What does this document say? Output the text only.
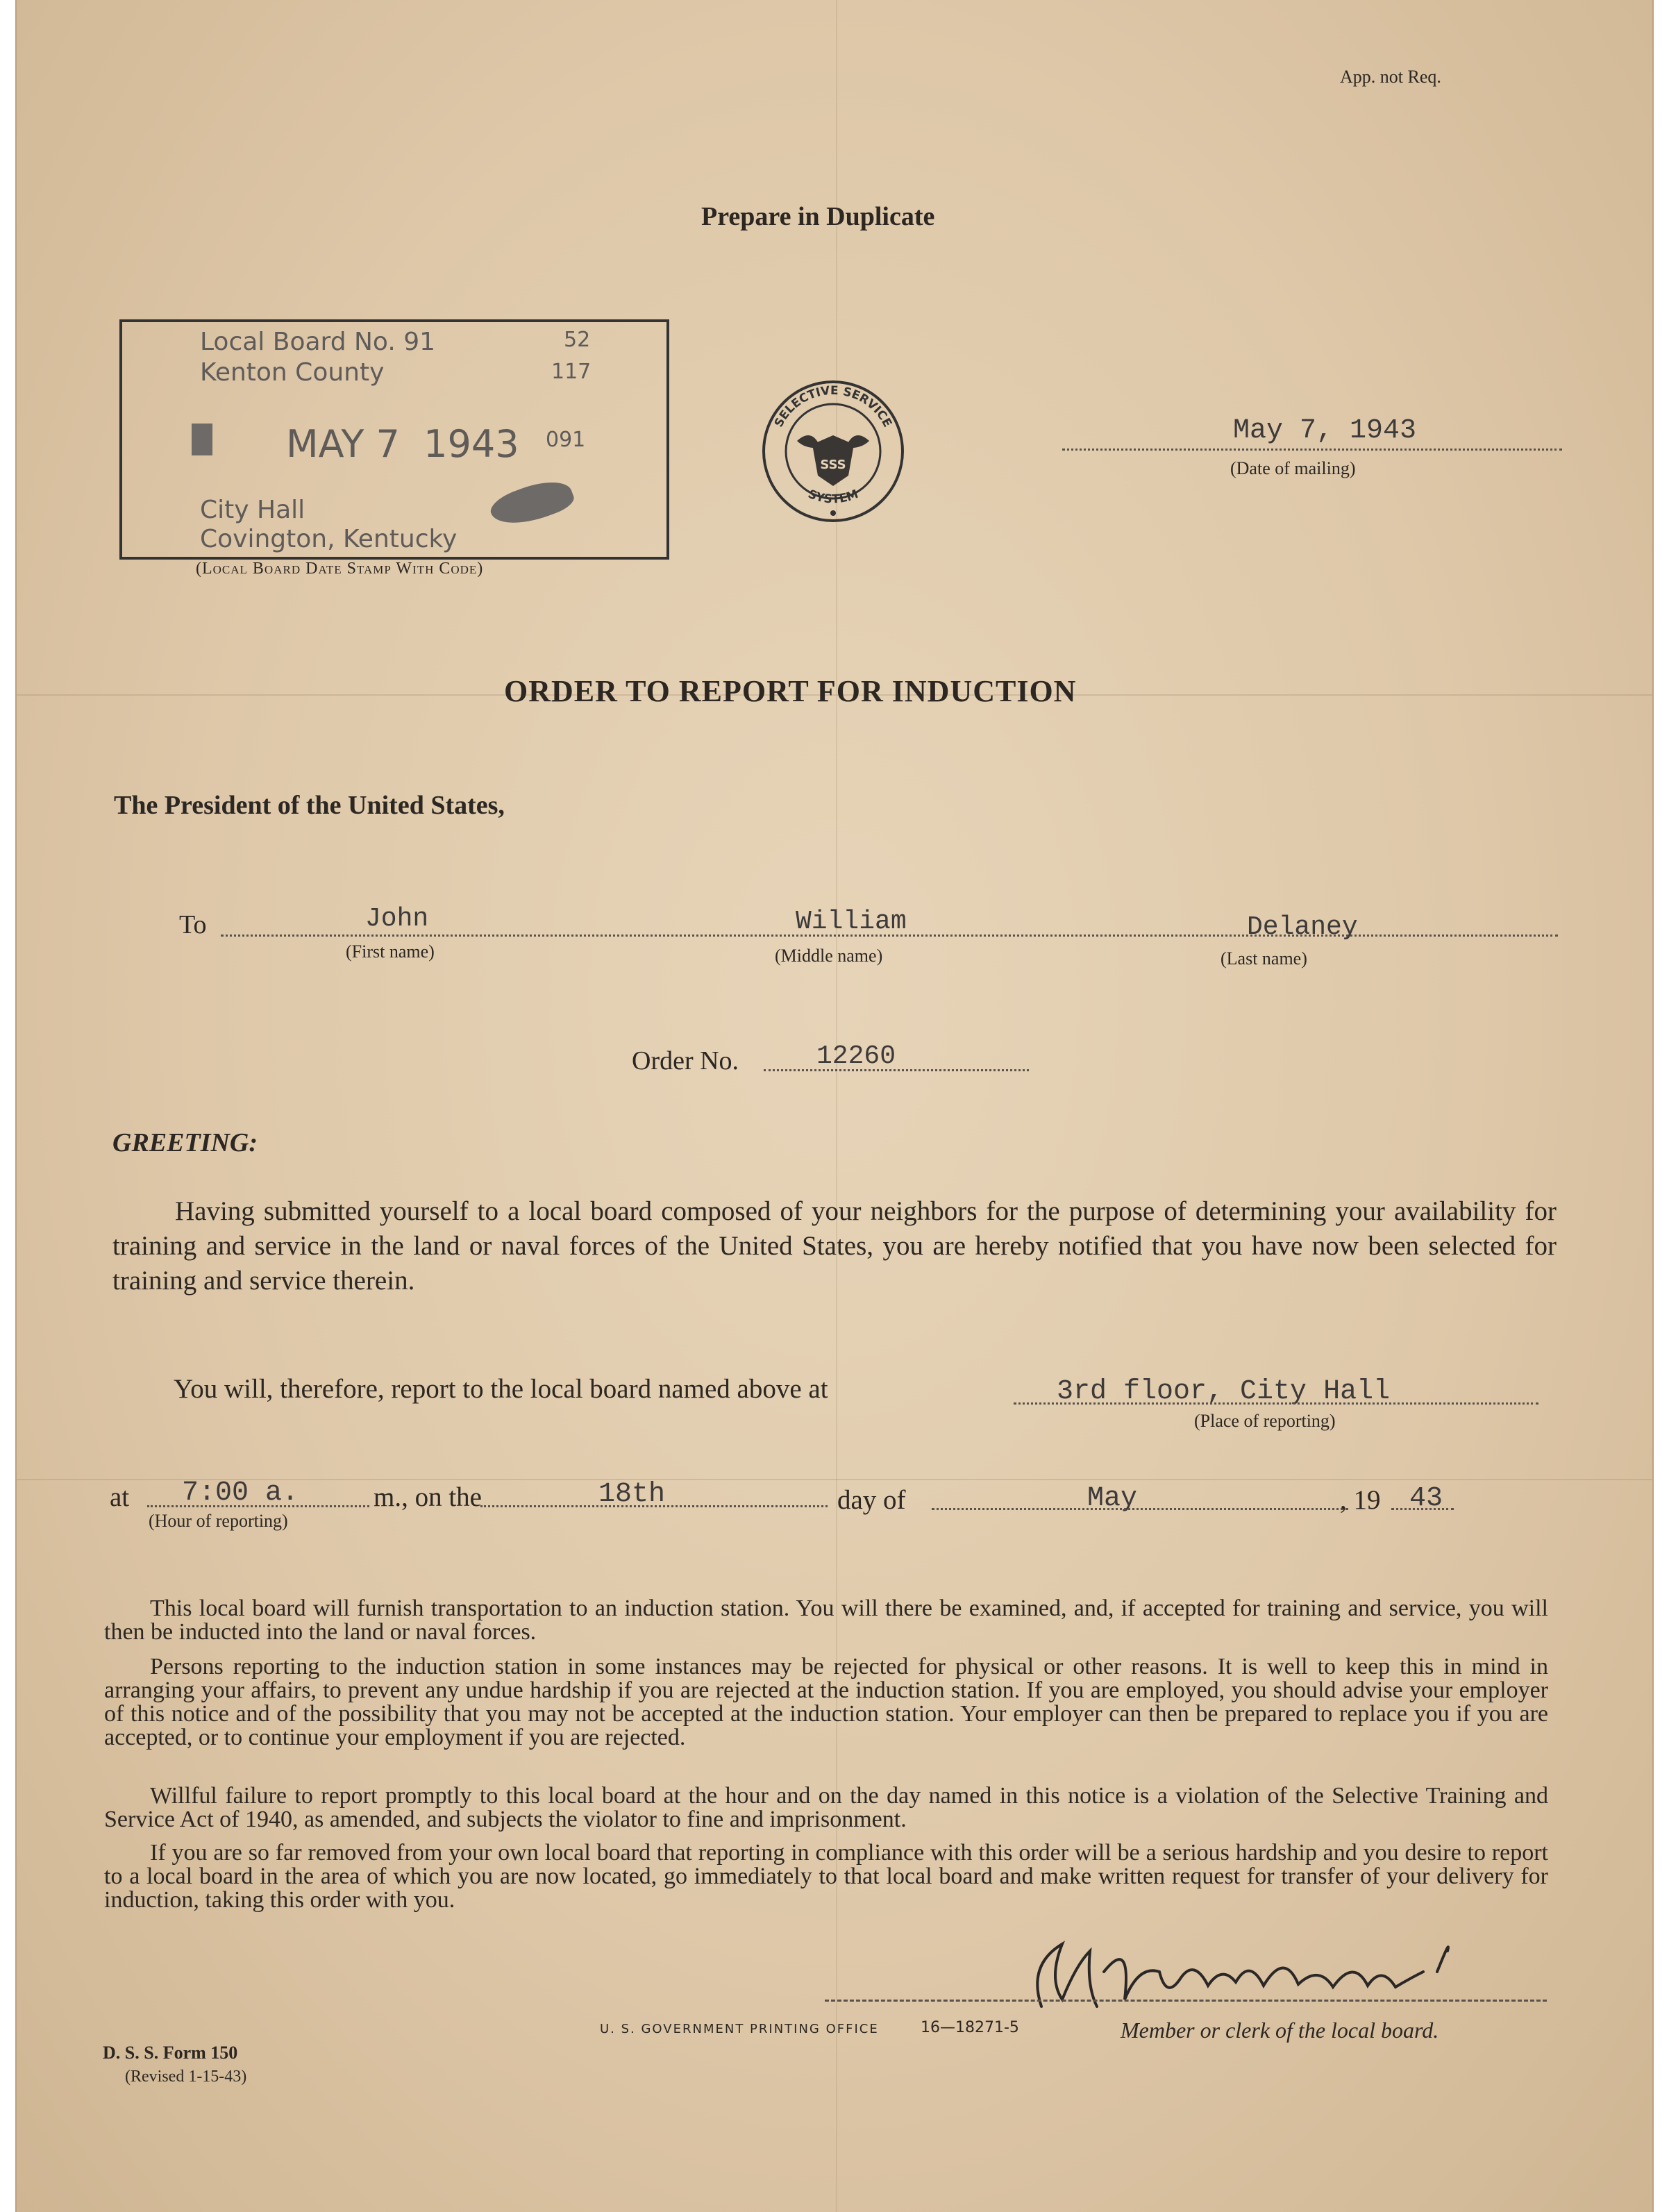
App. not Req.
Prepare in Duplicate
Local Board No. 91	52
Kenton County	117
MAY 7  1943 091
City Hall
Covington, Kentucky
(Local Board Date Stamp With Code)
SELECTIVE SERVICE
SYSTEM
SSS
May 7, 1943
(Date of mailing)
ORDER TO REPORT FOR INDUCTION
The President of the United States,
To	John	William	Delaney
(First name)	(Middle name)	(Last name)
Order No.	12260
GREETING:
Having submitted yourself to a local board composed of your neighbors for the purpose of determining your availability for training and service in the land or naval forces of the United States, you are hereby notified that you have now been selected for training and service therein.
You will, therefore, report to the local board named above at	3rd floor, City Hall
(Place of reporting)
at 7:00 a.	m., on the
(Hour of reporting)
18th	day of	May	, 19 43
This local board will furnish transportation to an induction station. You will there be examined, and, if accepted for training and service, you will then be inducted into the land or naval forces.
Persons reporting to the induction station in some instances may be rejected for physical or other reasons. It is well to keep this in mind in arranging your affairs, to prevent any undue hardship if you are rejected at the induction station. If you are employed, you should advise your employer of this notice and of the possibility that you may not be accepted at the induction station. Your employer can then be prepared to replace you if you are accepted, or to continue your employment if you are rejected.
Willful failure to report promptly to this local board at the hour and on the day named in this notice is a violation of the Selective Training and Service Act of 1940, as amended, and subjects the violator to fine and imprisonment.
If you are so far removed from your own local board that reporting in compliance with this order will be a serious hardship and you desire to report to a local board in the area of which you are now located, go immediately to that local board and make written request for transfer of your delivery for induction, taking this order with you.
Member or clerk of the local board.
U. S. GOVERNMENT PRINTING OFFICE	16—18271-5
D. S. S. Form 150
(Revised 1-15-43)
